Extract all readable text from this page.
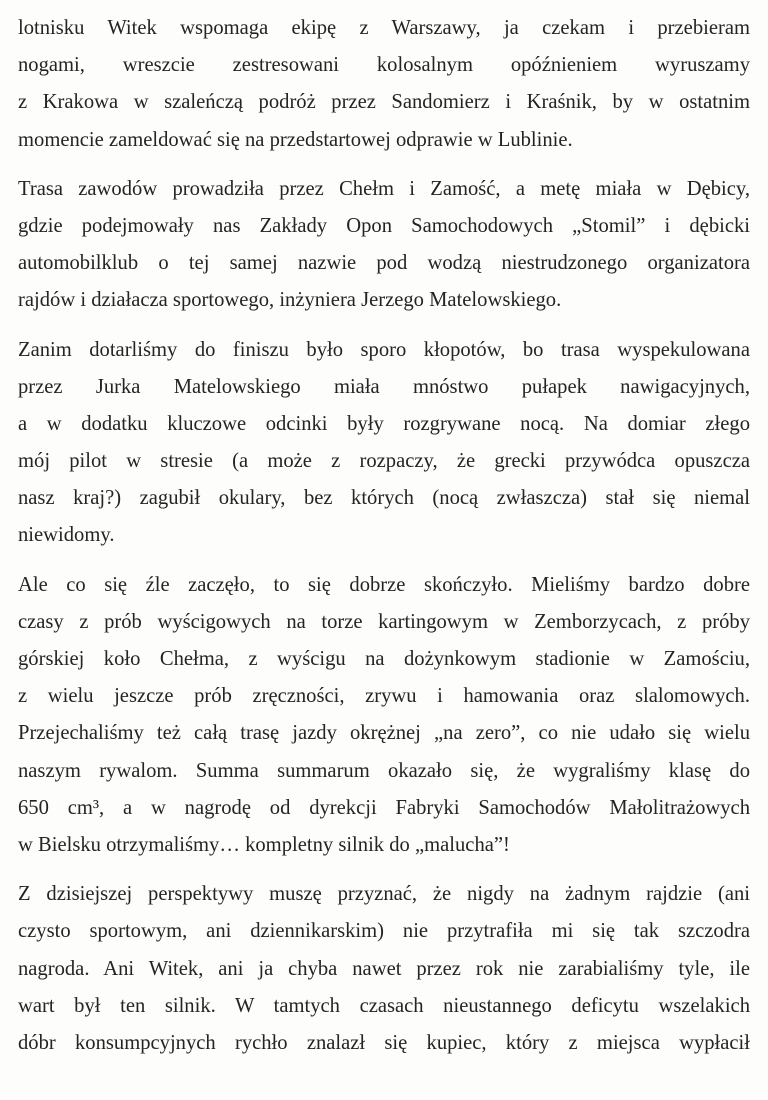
lotnisku Witek wspomaga ekipę z Warszawy, ja czekam i przebieram
nogami, wreszcie zestresowani kolosalnym opóźnieniem wyruszamy
z Krakowa w szaleńczą podróż przez Sandomierz i Kraśnik, by w ostatnim
momencie zameldować się na przedstartowej odprawie w Lublinie.
Trasa zawodów prowadziła przez Chełm i Zamość, a metę miała w Dębicy,
gdzie podejmowały nas Zakłady Opon Samochodowych „Stomil” i dębicki
automobilklub o tej samej nazwie pod wodzą niestrudzonego organizatora
rajdów i działacza sportowego, inżyniera Jerzego Matelowskiego.
Zanim dotarliśmy do finiszu było sporo kłopotów, bo trasa wyspekulowana
przez Jurka Matelowskiego miała mnóstwo pułapek nawigacyjnych,
a w dodatku kluczowe odcinki były rozgrywane nocą. Na domiar złego
mój pilot w stresie (a może z rozpaczy, że grecki przywódca opuszcza
nasz kraj?) zagubił okulary, bez których (nocą zwłaszcza) stał się niemal
niewidomy.
Ale co się źle zaczęło, to się dobrze skończyło. Mieliśmy bardzo dobre
czasy z prób wyścigowych na torze kartingowym w Zemborzycach, z próby
górskiej koło Chełma, z wyścigu na dożynkowym stadionie w Zamościu,
z wielu jeszcze prób zręczności, zrywu i hamowania oraz slalomowych.
Przejechaliśmy też całą trasę jazdy okrężnej „na zero”, co nie udało się wielu
naszym rywalom. Summa summarum okazało się, że wygraliśmy klasę do
650 cm³, a w nagrodę od dyrekcji Fabryki Samochodów Małolitrażowych
w Bielsku otrzymaliśmy… kompletny silnik do „malucha”!
Z dzisiejszej perspektywy muszę przyznać, że nigdy na żadnym rajdzie (ani
czysto sportowym, ani dziennikarskim) nie przytrafiła mi się tak szczodra
nagroda. Ani Witek, ani ja chyba nawet przez rok nie zarabialiśmy tyle, ile
wart był ten silnik. W tamtych czasach nieustannego deficytu wszelakich
dóbr konsumpcyjnych rychło znalazł się kupiec, który z miejsca wypłacił
